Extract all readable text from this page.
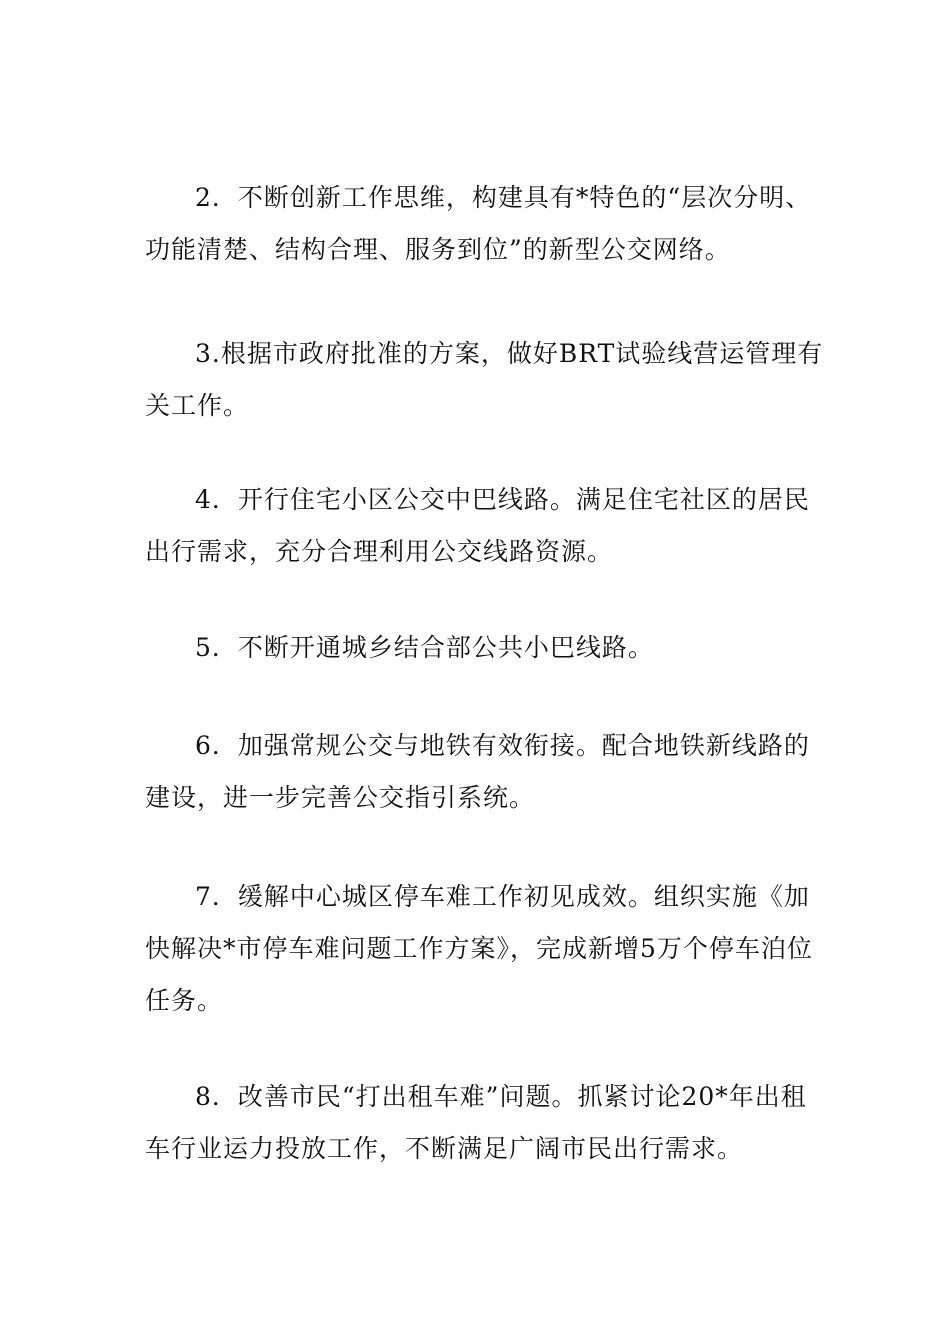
2．不断创新工作思维，构建具有*特色的“层次分明、功能清楚、结构合理、服务到位”的新型公交网络。

3.根据市政府批准的方案，做好BRT试验线营运管理有关工作。

4．开行住宅小区公交中巴线路。满足住宅社区的居民出行需求，充分合理利用公交线路资源。

5．不断开通城乡结合部公共小巴线路。

6．加强常规公交与地铁有效衔接。配合地铁新线路的建设，进一步完善公交指引系统。

7．缓解中心城区停车难工作初见成效。组织实施《加快解决*市停车难问题工作方案》，完成新增5万个停车泊位任务。

8．改善市民“打出租车难”问题。抓紧讨论20*年出租车行业运力投放工作，不断满足广阔市民出行需求。
